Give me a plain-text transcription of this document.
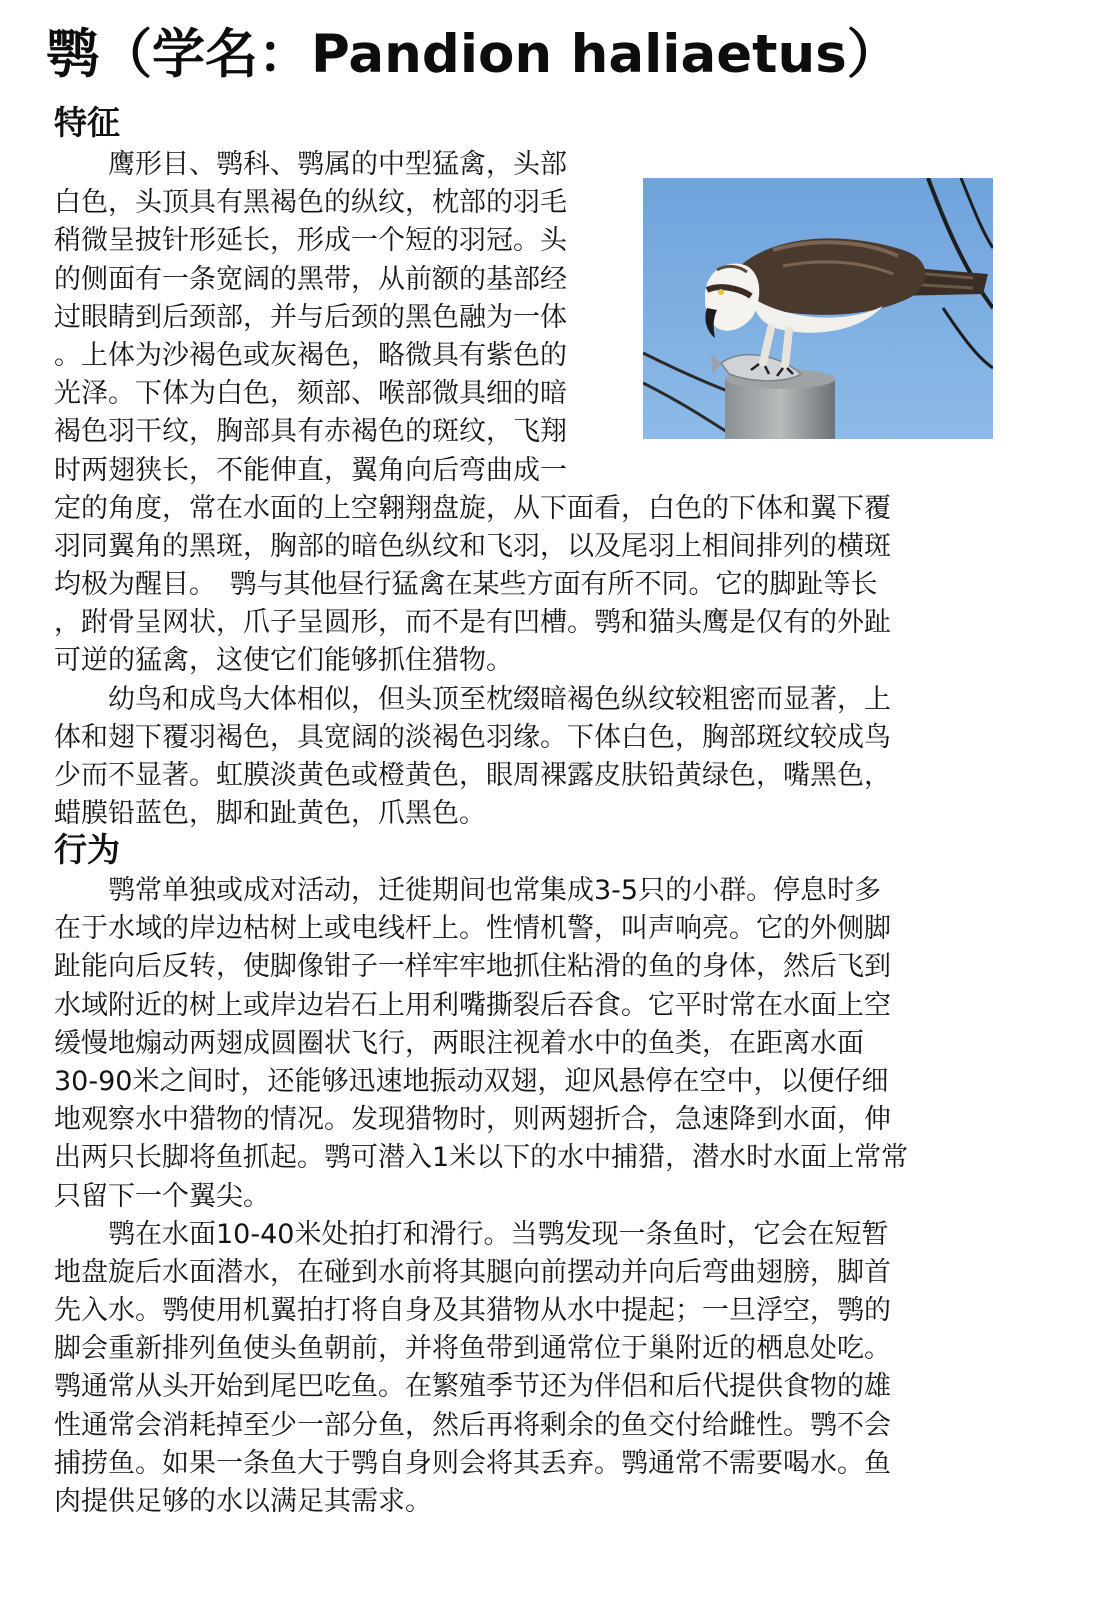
鹗（学名：Pandion haliaetus）
特征
　　鹰形目、鹗科、鹗属的中型猛禽，头部
白色，头顶具有黑褐色的纵纹，枕部的羽毛
稍微呈披针形延长，形成一个短的羽冠。头
的侧面有一条宽阔的黑带，从前额的基部经
过眼睛到后颈部，并与后颈的黑色融为一体
。上体为沙褐色或灰褐色，略微具有紫色的
光泽。下体为白色，颏部、喉部微具细的暗
褐色羽干纹，胸部具有赤褐色的斑纹，飞翔
时两翅狭长，不能伸直，翼角向后弯曲成一
定的角度，常在水面的上空翱翔盘旋，从下面看，白色的下体和翼下覆
羽同翼角的黑斑，胸部的暗色纵纹和飞羽，以及尾羽上相间排列的横斑
均极为醒目。　鹗与其他昼行猛禽在某些方面有所不同。它的脚趾等长
，跗骨呈网状，爪子呈圆形，而不是有凹槽。鹗和猫头鹰是仅有的外趾
可逆的猛禽，这使它们能够抓住猎物。
　　幼鸟和成鸟大体相似，但头顶至枕缀暗褐色纵纹较粗密而显著，上
体和翅下覆羽褐色，具宽阔的淡褐色羽缘。下体白色，胸部斑纹较成鸟
少而不显著。虹膜淡黄色或橙黄色，眼周裸露皮肤铅黄绿色，嘴黑色，
蜡膜铅蓝色，脚和趾黄色，爪黑色。
行为
　　鹗常单独或成对活动，迁徙期间也常集成3-5只的小群。停息时多
在于水域的岸边枯树上或电线杆上。性情机警，叫声响亮。它的外侧脚
趾能向后反转，使脚像钳子一样牢牢地抓住粘滑的鱼的身体，然后飞到
水域附近的树上或岸边岩石上用利嘴撕裂后吞食。它平时常在水面上空
缓慢地煽动两翅成圆圈状飞行，两眼注视着水中的鱼类，在距离水面
30-90米之间时，还能够迅速地振动双翅，迎风悬停在空中，以便仔细
地观察水中猎物的情况。发现猎物时，则两翅折合，急速降到水面，伸
出两只长脚将鱼抓起。鹗可潜入1米以下的水中捕猎，潜水时水面上常常
只留下一个翼尖。
　　鹗在水面10-40米处拍打和滑行。当鹗发现一条鱼时，它会在短暂
地盘旋后水面潜水，在碰到水前将其腿向前摆动并向后弯曲翅膀，脚首
先入水。鹗使用机翼拍打将自身及其猎物从水中提起；一旦浮空，鹗的
脚会重新排列鱼使头鱼朝前，并将鱼带到通常位于巢附近的栖息处吃。
鹗通常从头开始到尾巴吃鱼。在繁殖季节还为伴侣和后代提供食物的雄
性通常会消耗掉至少一部分鱼，然后再将剩余的鱼交付给雌性。鹗不会
捕捞鱼。如果一条鱼大于鹗自身则会将其丢弃。鹗通常不需要喝水。鱼
肉提供足够的水以满足其需求。
